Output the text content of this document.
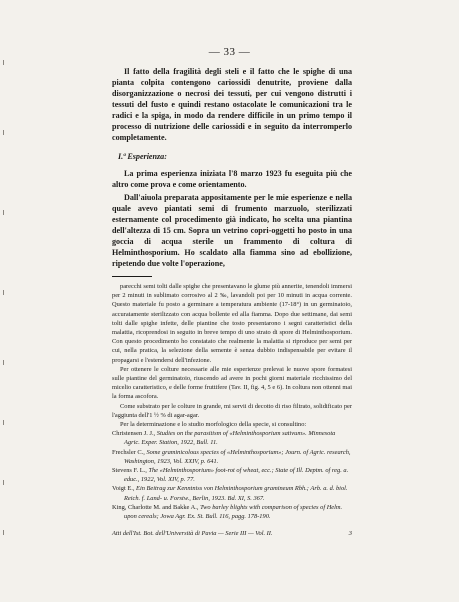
— 33 —

Il fatto della fragilità degli steli e il fatto che le spighe di una pianta colpita contengono cariossidi denutrite, proviene dalla disorganizzazione o necrosi dei tessuti, per cui vengono distrutti i tessuti del fusto e quindi restano ostacolate le comunicazioni tra le radici e la spiga, in modo da rendere difficile in un primo tempo il processo di nutrizione delle cariossidi e in seguito da interromperlo completamente.

I.ª Esperienza:

La prima esperienza iniziata l'8 marzo 1923 fu eseguita più che altro come prova e come orientamento.

Dall'aiuola preparata appositamente per le mie esperienze e nella quale avevo piantati semi di frumento marzuolo, sterilizzati esternamente col procedimento già indicato, ho scelta una piantina dell'altezza di 15 cm. Sopra un vetrino copri-oggetti ho posto in una goccia di acqua sterile un frammento di coltura di Helminthosporium. Ho scaldato alla fiamma sino ad ebollizione, ripetendo due volte l'operazione,

parecchi semi tolti dalle spighe che presentavano le glume più annerite, tenendoli immersi per 2 minuti in sublimato corrosivo al 2 ‰, lavandoli poi per 10 minuti in acqua corrente. Questo materiale fu posto a germinare a temperatura ambiente (17-18°) in un germinatoio, accuratamente sterilizzato con acqua bollente ed alla fiamma. Dopo due settimane, dai semi tolti dalle spighe infette, delle piantine che tosto presentarono i segni caratteristici della malattia, ricoprendosi in seguito in breve tempo di uno strato di spore di Helminthosporium. Con questo procedimento ho constatato che realmente la malattia si riproduce per semi per cui, nella pratica, la selezione della semente è senza dubbio indispensabile per evitare il propagarsi e l'estendersi dell'infezione.

Per ottenere le colture necessarie alle mie esperienze prelevai le nuove spore formatesi sulle piantine del germinatoio, riuscendo ad avere in pochi giorni materiale ricchissimo del micelio caratteristico, e delle forme fruttifere (Tav. II, fig. 4, 5 e 6). In coltura non ottenni mai la forma ascofora.

Come substrato per le colture in grande, mi servii di decotto di riso filtrato, solidificato per l'aggiunta dell'1 ½ % di agar-agar.

Per la determinazione e lo studio morfologico della specie, si consultino:

Christensen J. J., Studies on the parasitism of «Helminthosporium sativum». Minnesota Agric. Exper. Station, 1922, Bull. 11.

Frechsler C., Some graminicolous species of «Helminthosporium»; Journ. of Agric. research, Washington, 1923, Vol. XXIV, p. 641.

Stevens F. L., The «Helminthosporium» foot-rot of wheat, ecc.; State of Ill. Deptm. of reg. a. educ., 1922, Vol. XIV, p. 77.

Voigt E., Ein Beitrag zur Kenntniss von Helminthosporium gramineum Rbh.; Arb. a. d. biol. Reich. f. Land- u. Forstw., Berlin, 1923. Bd. XI, S. 367.

King, Charlotte M. and Bakke A., Two barley blights with comparison of species of Helm. upon cereals; Jowa Agr. Ex. St. Bull. 116, pagg. 178-190.

Atti dell'Ist. Bot. dell'Università di Pavia — Serie III — Vol. II.	3
